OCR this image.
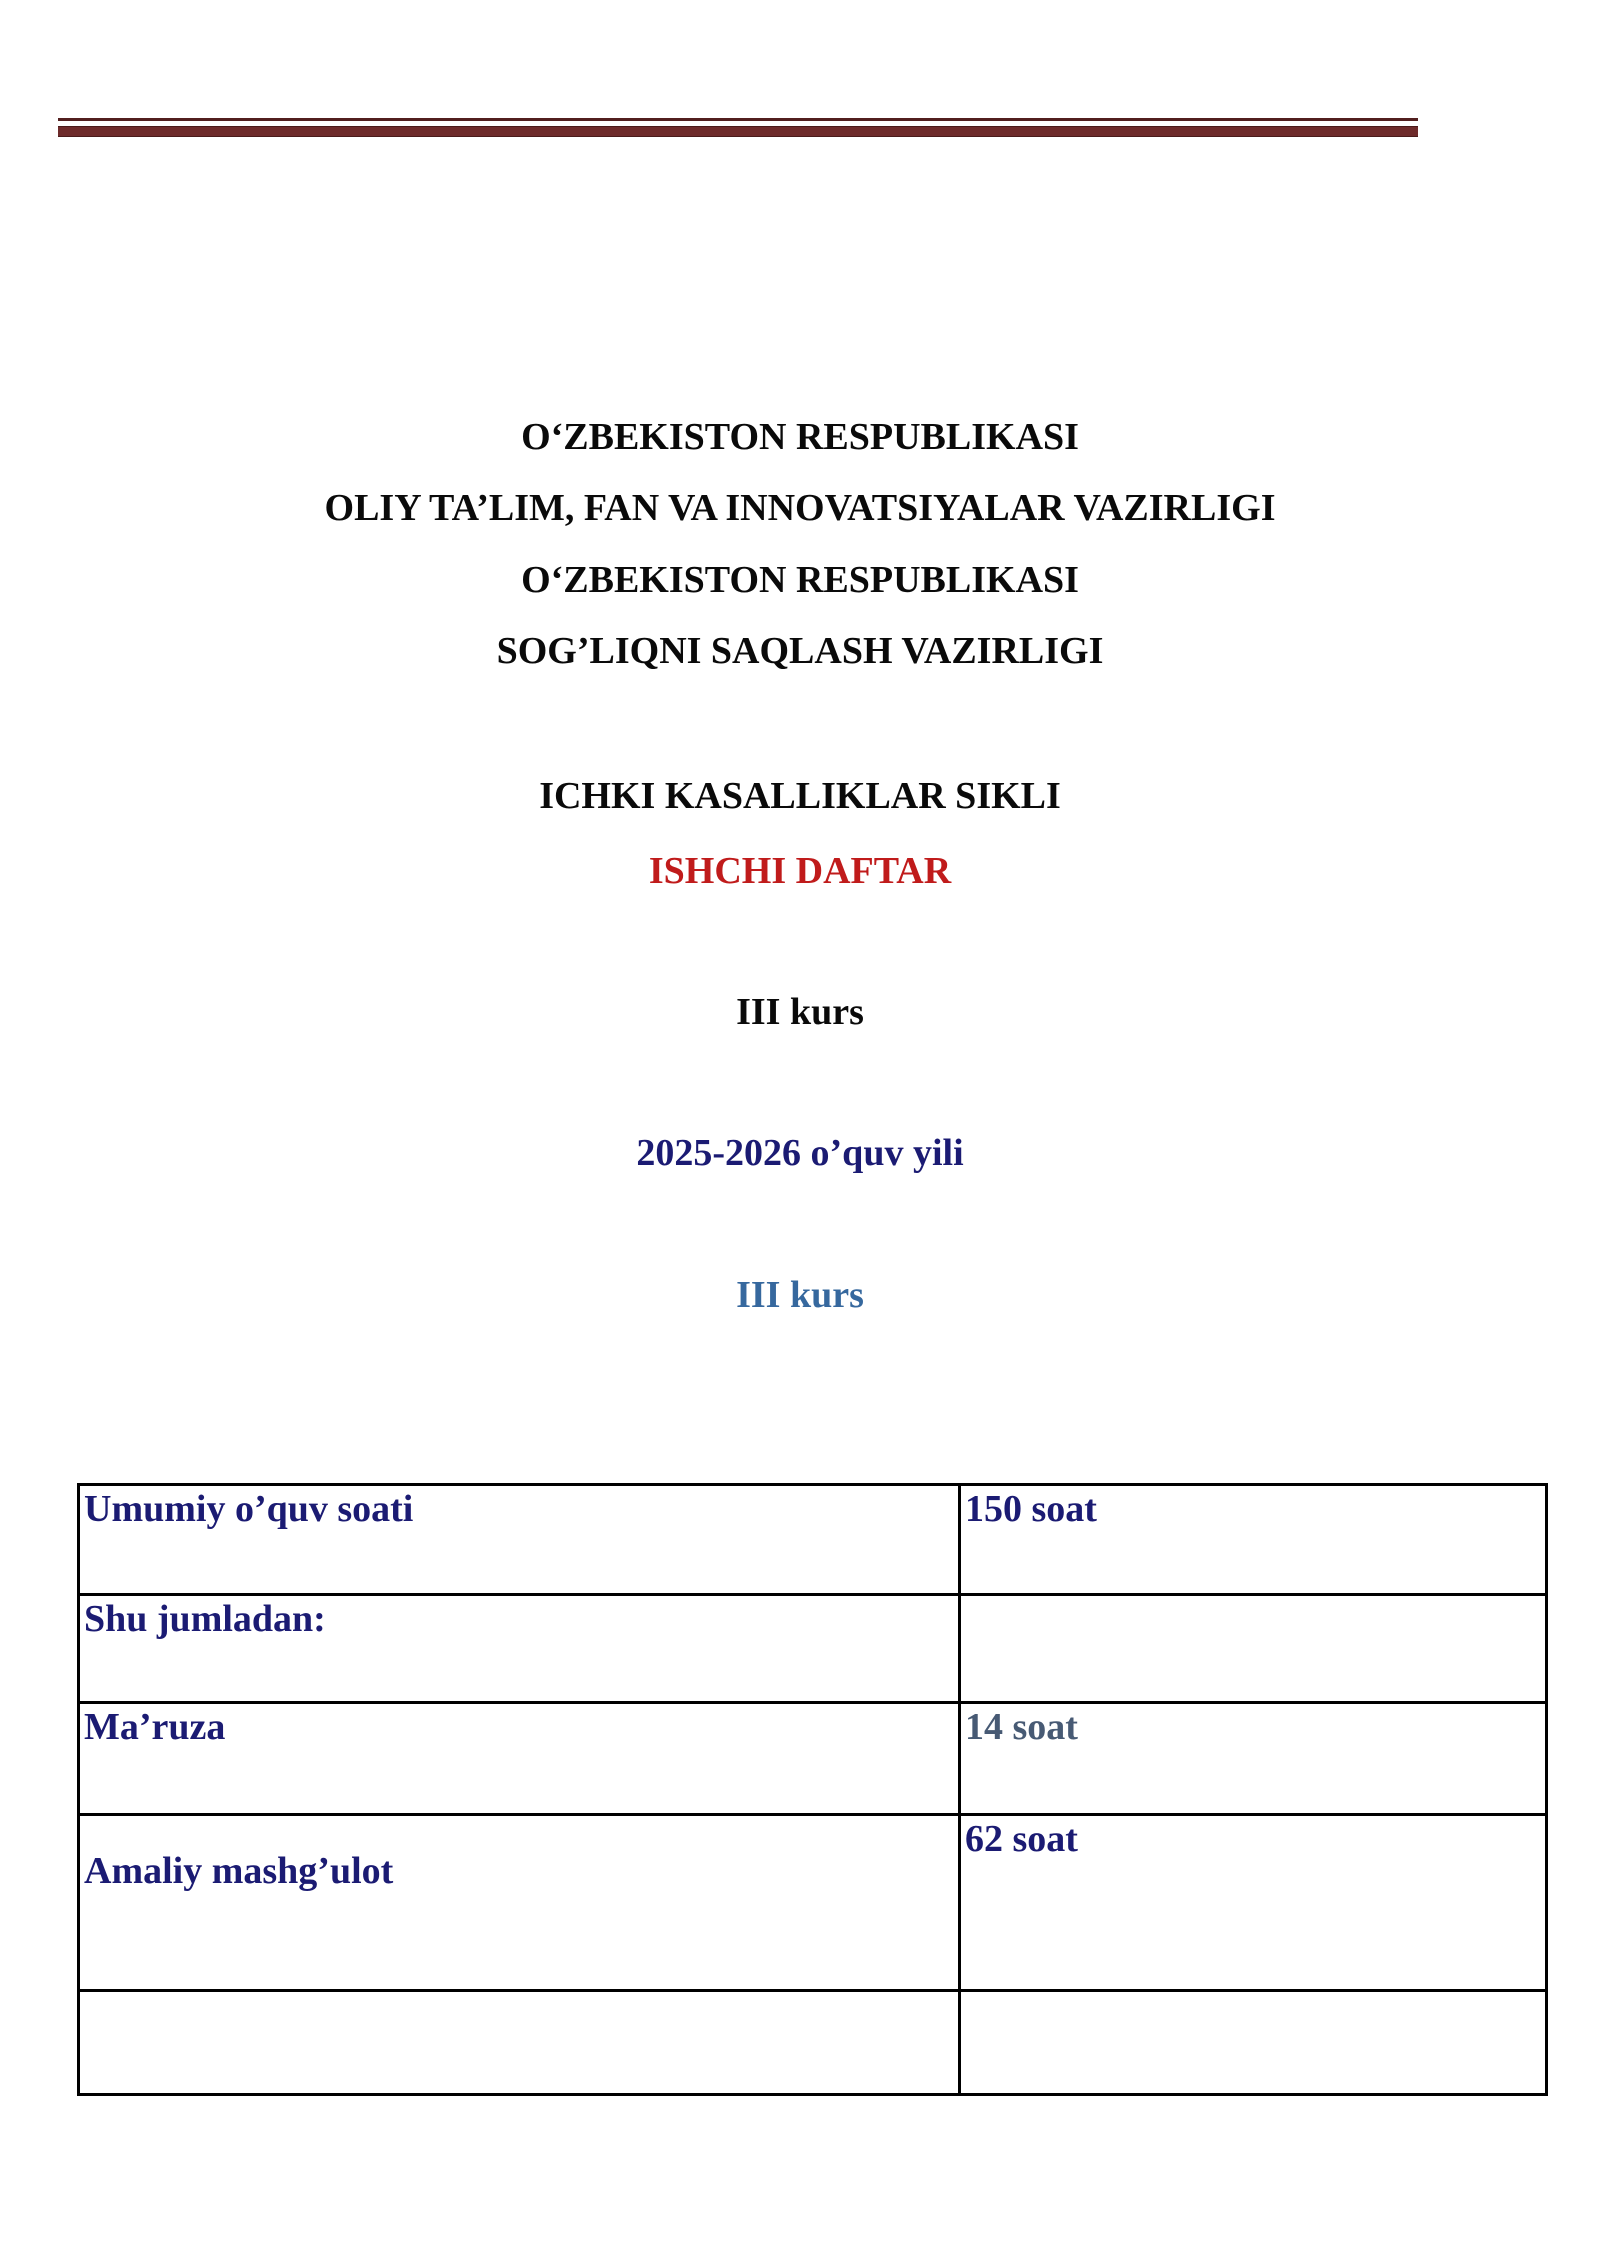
O‘ZBEKISTON RESPUBLIKASI
OLIY TA’LIM, FAN VA INNOVATSIYALAR VAZIRLIGI
O‘ZBEKISTON RESPUBLIKASI
SOG’LIQNI SAQLASH VAZIRLIGI
ICHKI KASALLIKLAR SIKLI
ISHCHI DAFTAR
III kurs
2025-2026 o’quv yili
III kurs
Umumiy o’quv soati	150 soat
Shu jumladan:	
Ma’ruza	14 soat
Amaliy mashg’ulot	62 soat
